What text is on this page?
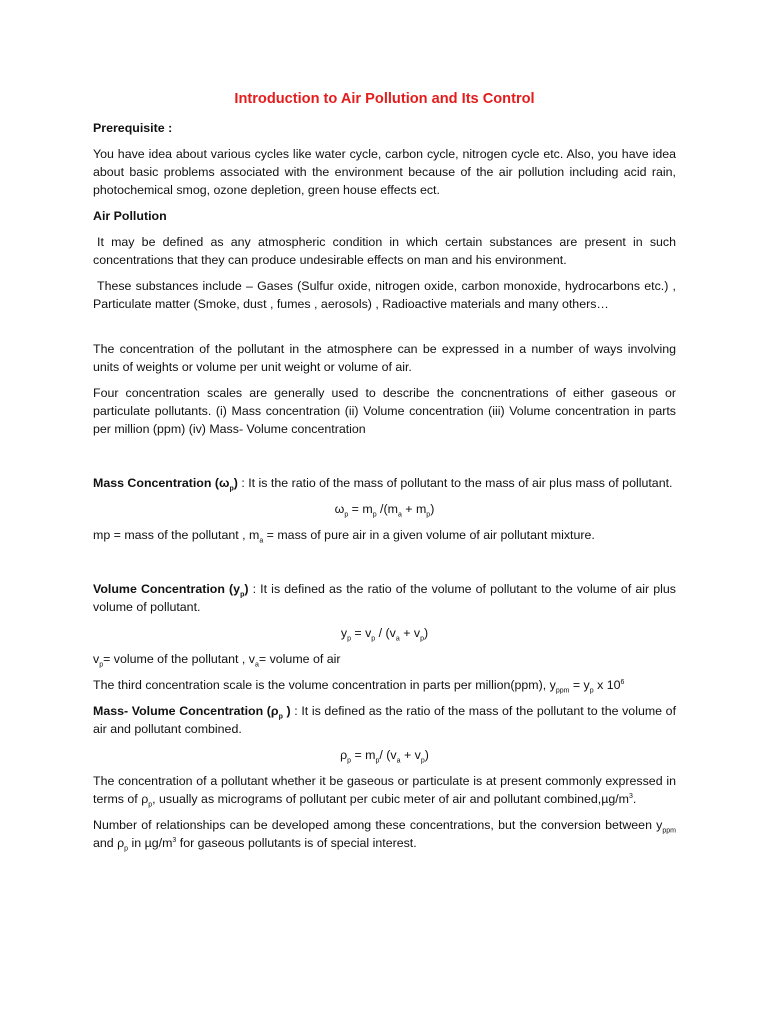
Introduction to Air Pollution and Its Control

Prerequisite :

You have idea about various cycles like water cycle, carbon cycle, nitrogen cycle etc. Also, you have idea about basic problems associated with the environment because of the air pollution including acid rain, photochemical smog, ozone depletion, green house effects ect.

Air Pollution

It may be defined as any atmospheric condition in which certain substances are present in such concentrations that they can produce undesirable effects on man and his environment.

These substances include – Gases (Sulfur oxide, nitrogen oxide, carbon monoxide, hydrocarbons etc.) , Particulate matter (Smoke, dust , fumes , aerosols) , Radioactive materials and many others…

The concentration of the pollutant in the atmosphere can be expressed in a number of ways involving units of weights or volume per unit weight or volume of air.

Four concentration scales are generally used to describe the concnentrations of either gaseous or particulate pollutants. (i) Mass concentration (ii) Volume concentration (iii) Volume concentration in parts per million (ppm) (iv) Mass- Volume concentration

Mass Concentration $(\omega_p)$ : It is the ratio of the mass of pollutant to the mass of air plus mass of pollutant.

$\omega_p = m_p$ $/(m_a + m_p)$

mp = mass of the pollutant , $m_a$ = mass of pure air in a given volume of air pollutant mixture.

Volume Concentration $(y_p)$ : It is defined as the ratio of the volume of pollutant to the volume of air plus volume of pollutant.

$y_p = v_p / (v_a + v_p)$

$v_p=$ volume of the pollutant , $v_a=$ volume of air

The third concentration scale is the volume concentration in parts per million(ppm), $y_{ppm} = y_p$ x $10^6$

Mass- Volume Concentration ($\rho_p$ ) : It is defined as the ratio of the mass of the pollutant to the volume of air and pollutant combined.

$\rho_p = m_p/$ $(v_a + v_p)$

The concentration of a pollutant whether it be gaseous or particulate is at present commonly expressed in terms of $\rho_p$, usually as micrograms of pollutant per cubic meter of air and pollutant $combined,\mu g/m^3$.

Number of relationships can be developed among these concentrations, but the conversion between $y_{ppm}$ and $\rho_p$ in $\mu g/m^3$ for gaseous pollutants is of special interest.
